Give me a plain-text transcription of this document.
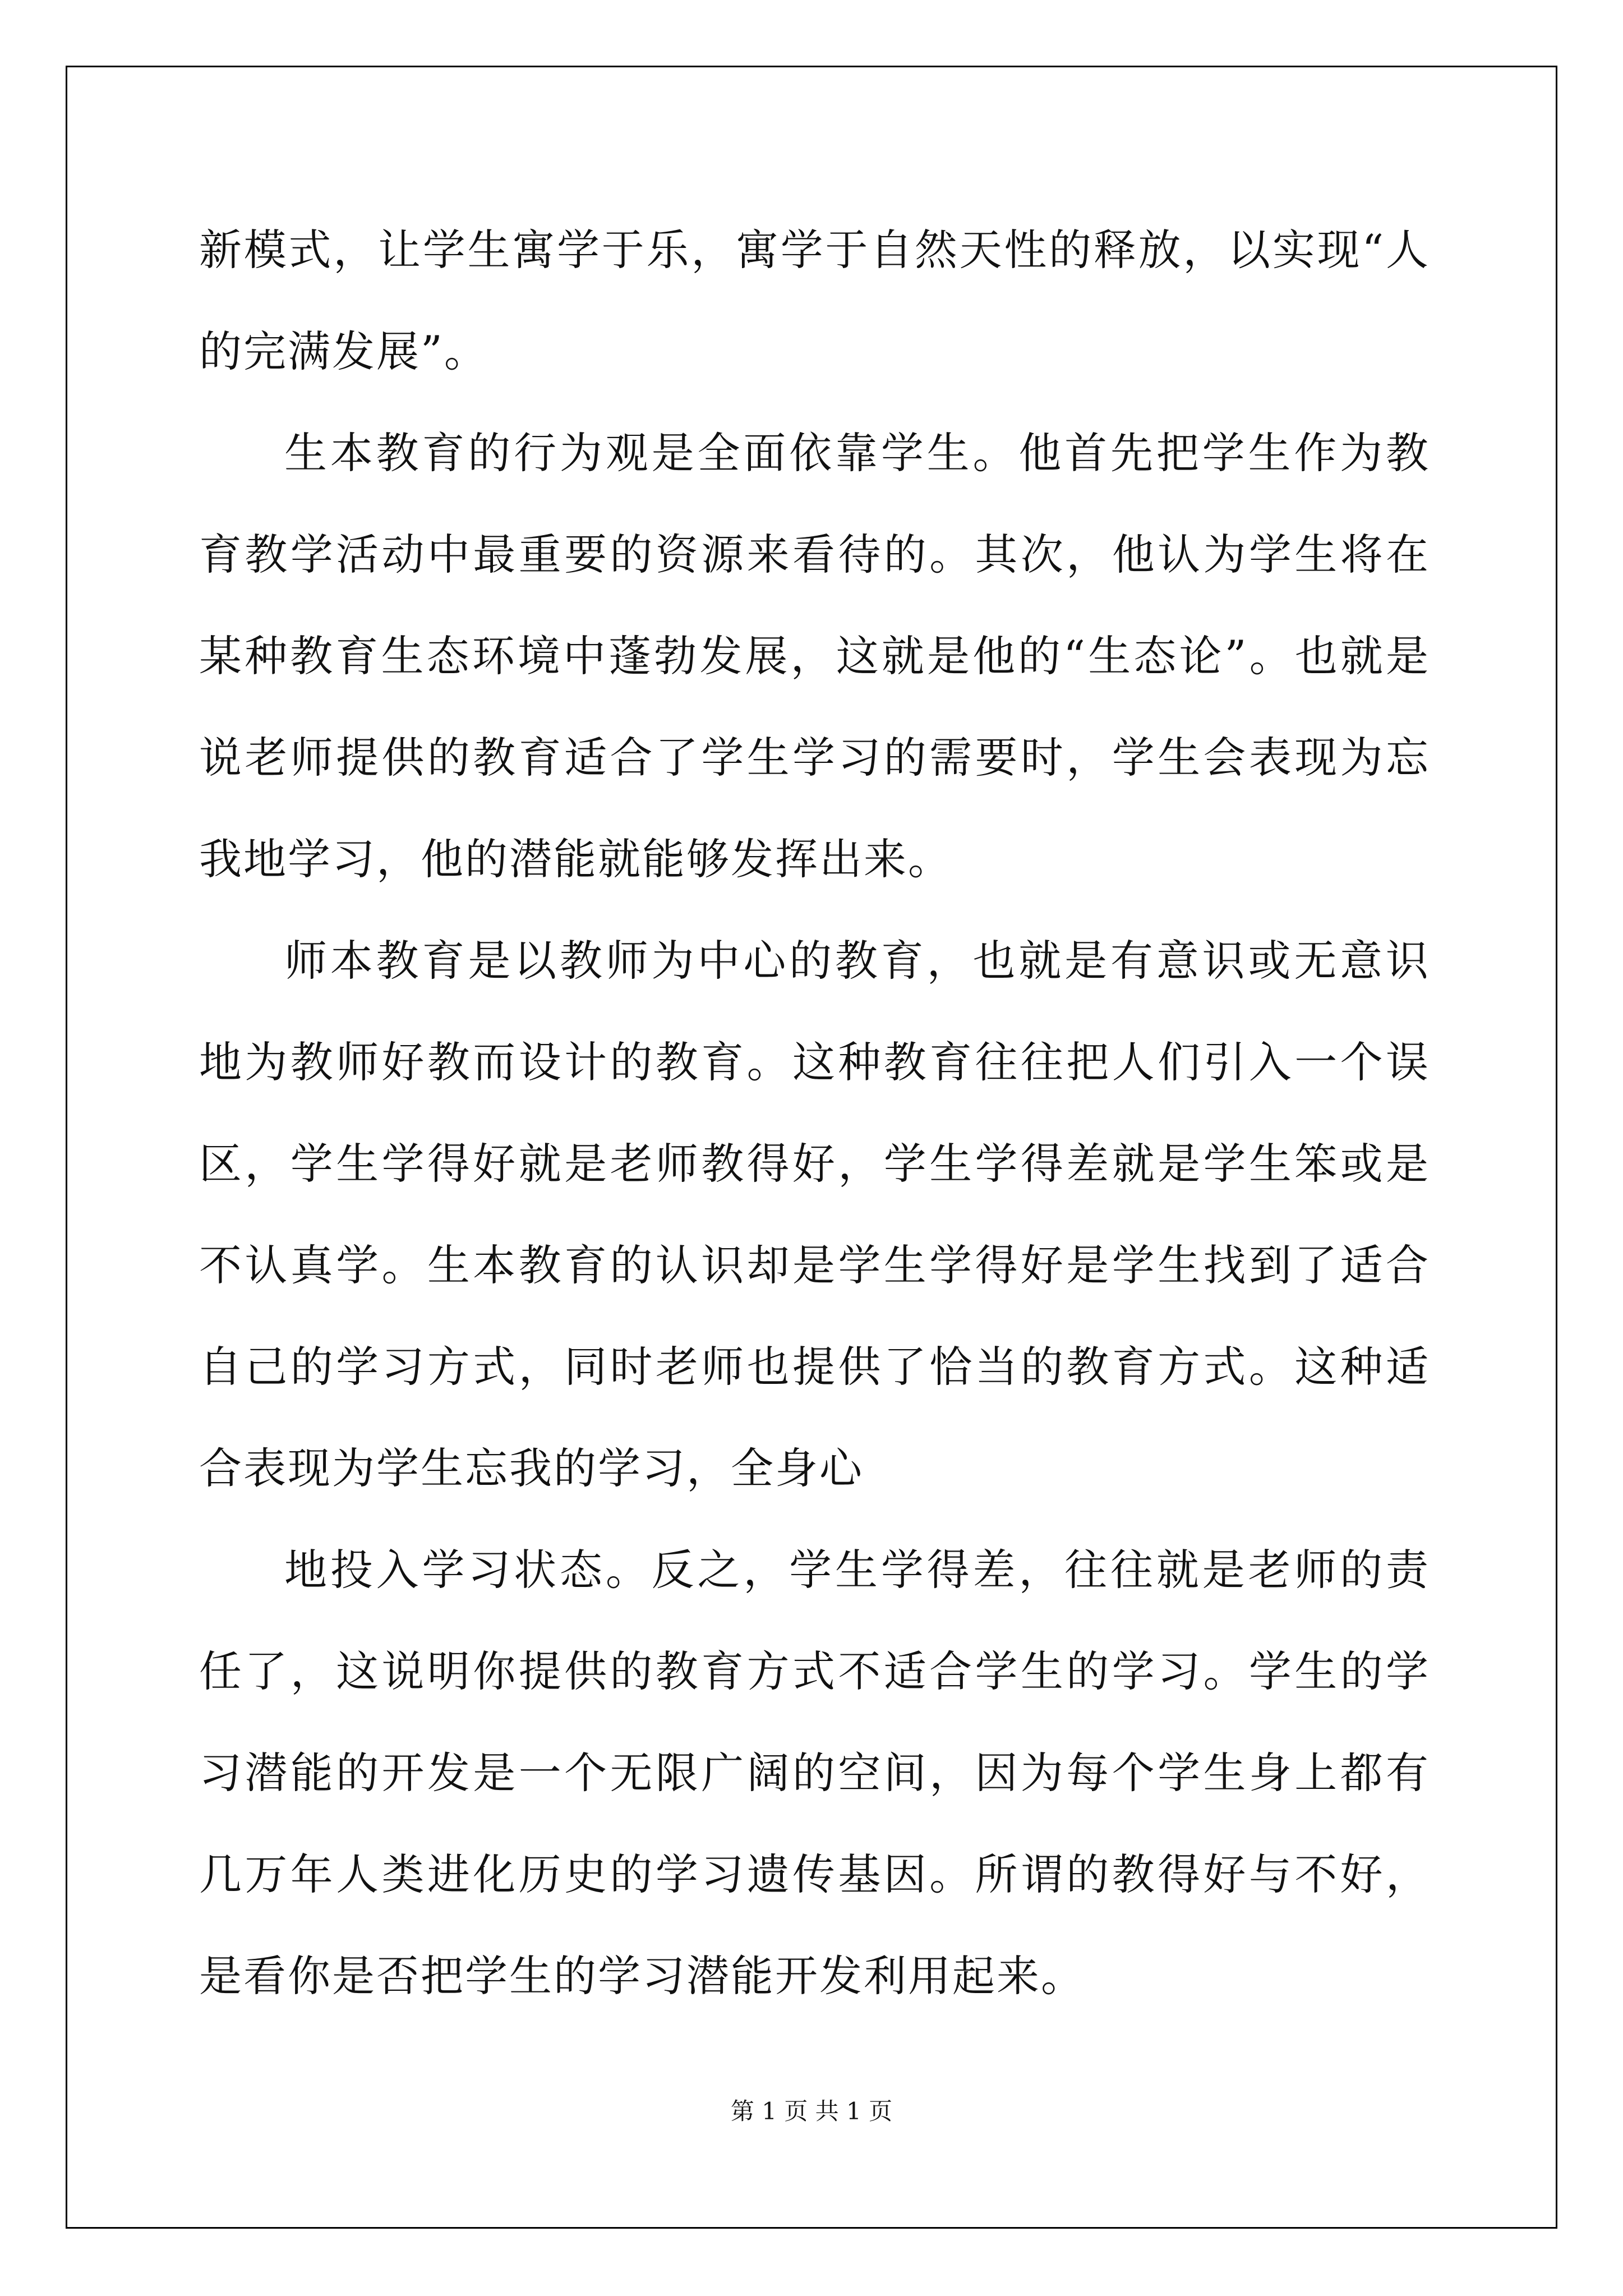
新模式，让学生寓学于乐，寓学于自然天性的释放，以实现“人的完满发展”。

生本教育的行为观是全面依靠学生。他首先把学生作为教育教学活动中最重要的资源来看待的。其次，他认为学生将在某种教育生态环境中蓬勃发展，这就是他的“生态论”。也就是说老师提供的教育适合了学生学习的需要时，学生会表现为忘我地学习，他的潜能就能够发挥出来。

师本教育是以教师为中心的教育，也就是有意识或无意识地为教师好教而设计的教育。这种教育往往把人们引入一个误区，学生学得好就是老师教得好，学生学得差就是学生笨或是不认真学。生本教育的认识却是学生学得好是学生找到了适合自己的学习方式，同时老师也提供了恰当的教育方式。这种适合表现为学生忘我的学习，全身心

地投入学习状态。反之，学生学得差，往往就是老师的责任了，这说明你提供的教育方式不适合学生的学习。学生的学习潜能的开发是一个无限广阔的空间，因为每个学生身上都有几万年人类进化历史的学习遗传基因。所谓的教得好与不好，是看你是否把学生的学习潜能开发利用起来。

第 1 页 共 1 页
